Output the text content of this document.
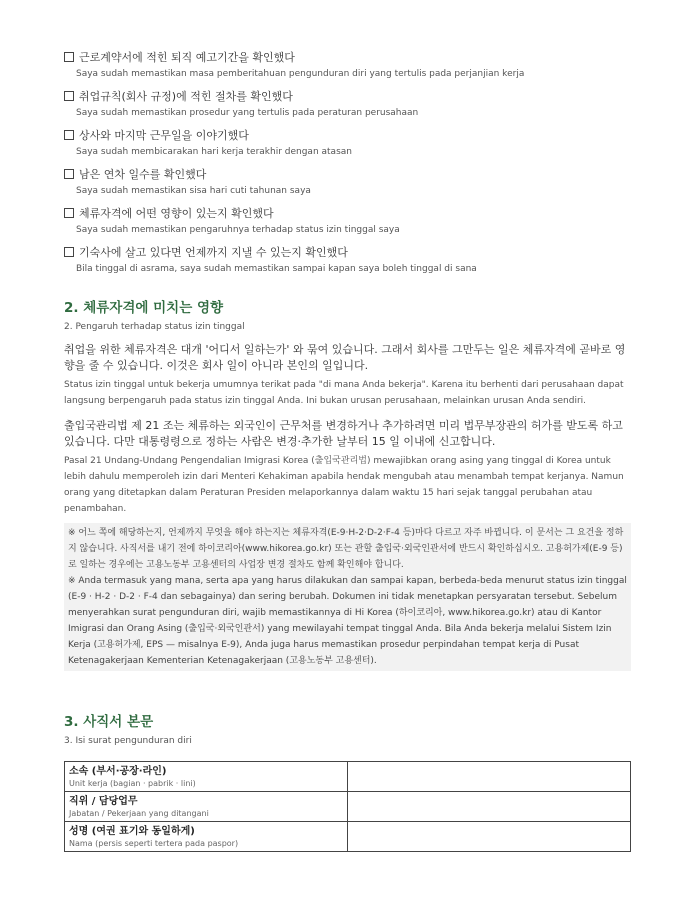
근로계약서에 적힌 퇴직 예고기간을 확인했다
Saya sudah memastikan masa pemberitahuan pengunduran diri yang tertulis pada perjanjian kerja
취업규칙(회사 규정)에 적힌 절차를 확인했다
Saya sudah memastikan prosedur yang tertulis pada peraturan perusahaan
상사와 마지막 근무일을 이야기했다
Saya sudah membicarakan hari kerja terakhir dengan atasan
남은 연차 일수를 확인했다
Saya sudah memastikan sisa hari cuti tahunan saya
체류자격에 어떤 영향이 있는지 확인했다
Saya sudah memastikan pengaruhnya terhadap status izin tinggal saya
기숙사에 살고 있다면 언제까지 지낼 수 있는지 확인했다
Bila tinggal di asrama, saya sudah memastikan sampai kapan saya boleh tinggal di sana
2. 체류자격에 미치는 영향
2. Pengaruh terhadap status izin tinggal
취업을 위한 체류자격은 대개 '어디서 일하는가' 와 묶여 있습니다. 그래서 회사를 그만두는 일은 체류자격에 곧바로 영향을 줄 수 있습니다. 이것은 회사 일이 아니라 본인의 일입니다.
Status izin tinggal untuk bekerja umumnya terikat pada "di mana Anda bekerja". Karena itu berhenti dari perusahaan dapat langsung berpengaruh pada status izin tinggal Anda. Ini bukan urusan perusahaan, melainkan urusan Anda sendiri.
출입국관리법 제 21 조는 체류하는 외국인이 근무처를 변경하거나 추가하려면 미리 법무부장관의 허가를 받도록 하고 있습니다. 다만 대통령령으로 정하는 사람은 변경·추가한 날부터 15 일 이내에 신고합니다.
Pasal 21 Undang-Undang Pengendalian Imigrasi Korea (출입국관리법) mewajibkan orang asing yang tinggal di Korea untuk lebih dahulu memperoleh izin dari Menteri Kehakiman apabila hendak mengubah atau menambah tempat kerjanya. Namun orang yang ditetapkan dalam Peraturan Presiden melaporkannya dalam waktu 15 hari sejak tanggal perubahan atau penambahan.

※ 어느 쪽에 해당하는지, 언제까지 무엇을 해야 하는지는 체류자격(E-9·H-2·D-2·F-4 등)마다 다르고 자주 바뀝니다. 이 문서는 그 요건을 정하지 않습니다. 사직서를 내기 전에 하이코리아(www.hikorea.go.kr) 또는 관할 출입국·외국인관서에 반드시 확인하십시오. 고용허가제(E-9 등)로 일하는 경우에는 고용노동부 고용센터의 사업장 변경 절차도 함께 확인해야 합니다.

※ Anda termasuk yang mana, serta apa yang harus dilakukan dan sampai kapan, berbeda-beda menurut status izin tinggal (E-9 · H-2 · D-2 · F-4 dan sebagainya) dan sering berubah. Dokumen ini tidak menetapkan persyaratan tersebut. Sebelum menyerahkan surat pengunduran diri, wajib memastikannya di Hi Korea (하이코리아, www.hikorea.go.kr) atau di Kantor Imigrasi dan Orang Asing (출입국·외국인관서) yang mewilayahi tempat tinggal Anda. Bila Anda bekerja melalui Sistem Izin Kerja (고용허가제, EPS — misalnya E-9), Anda juga harus memastikan prosedur perpindahan tempat kerja di Pusat Ketenagakerjaan Kementerian Ketenagakerjaan (고용노동부 고용센터).

3. 사직서 본문
3. Isi surat pengunduran diri
소속 (부서·공장·라인)
Unit kerja (bagian · pabrik · lini)	

직위 / 담당업무
Jabatan / Pekerjaan yang ditangani	

성명 (여권 표기와 동일하게)
Nama (persis seperti tertera pada paspor)	
